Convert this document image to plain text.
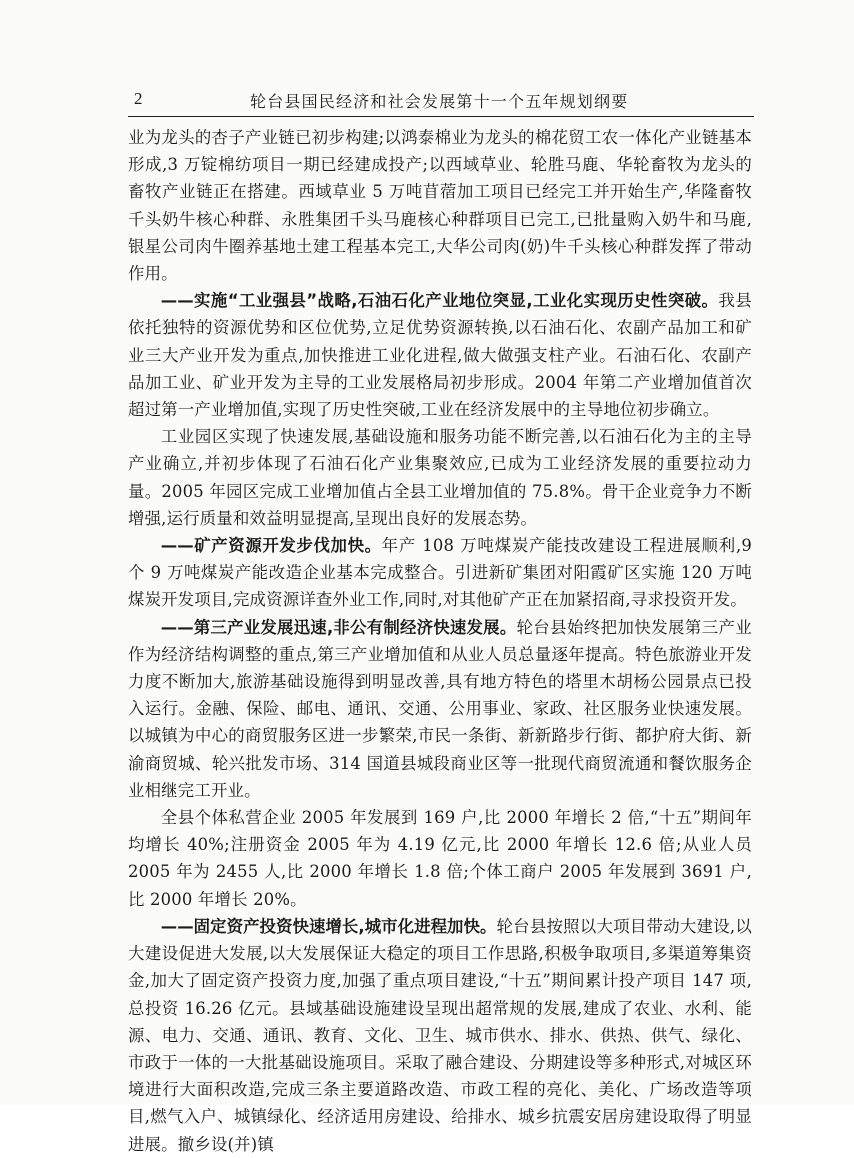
2	轮台县国民经济和社会发展第十一个五年规划纲要

业为龙头的杏子产业链已初步构建;以鸿泰棉业为龙头的棉花贸工农一体化产业链基本形成,3 万锭棉纺项目一期已经建成投产;以西域草业、轮胜马鹿、华轮畜牧为龙头的畜牧产业链正在搭建。西域草业 5 万吨苜蓿加工项目已经完工并开始生产,华隆畜牧千头奶牛核心种群、永胜集团千头马鹿核心种群项目已完工,已批量购入奶牛和马鹿,银星公司肉牛圈养基地土建工程基本完工,大华公司肉(奶)牛千头核心种群发挥了带动作用。

——实施“工业强县”战略,石油石化产业地位突显,工业化实现历史性突破。我县依托独特的资源优势和区位优势,立足优势资源转换,以石油石化、农副产品加工和矿业三大产业开发为重点,加快推进工业化进程,做大做强支柱产业。石油石化、农副产品加工业、矿业开发为主导的工业发展格局初步形成。2004 年第二产业增加值首次超过第一产业增加值,实现了历史性突破,工业在经济发展中的主导地位初步确立。

工业园区实现了快速发展,基础设施和服务功能不断完善,以石油石化为主的主导产业确立,并初步体现了石油石化产业集聚效应,已成为工业经济发展的重要拉动力量。2005 年园区完成工业增加值占全县工业增加值的 75.8%。骨干企业竞争力不断增强,运行质量和效益明显提高,呈现出良好的发展态势。

——矿产资源开发步伐加快。年产 108 万吨煤炭产能技改建设工程进展顺利,9 个 9 万吨煤炭产能改造企业基本完成整合。引进新矿集团对阳霞矿区实施 120 万吨煤炭开发项目,完成资源详查外业工作,同时,对其他矿产正在加紧招商,寻求投资开发。

——第三产业发展迅速,非公有制经济快速发展。轮台县始终把加快发展第三产业作为经济结构调整的重点,第三产业增加值和从业人员总量逐年提高。特色旅游业开发力度不断加大,旅游基础设施得到明显改善,具有地方特色的塔里木胡杨公园景点已投入运行。金融、保险、邮电、通讯、交通、公用事业、家政、社区服务业快速发展。以城镇为中心的商贸服务区进一步繁荣,市民一条街、新新路步行街、都护府大街、新渝商贸城、轮兴批发市场、314 国道县城段商业区等一批现代商贸流通和餐饮服务企业相继完工开业。

全县个体私营企业 2005 年发展到 169 户,比 2000 年增长 2 倍,“十五”期间年均增长 40%;注册资金 2005 年为 4.19 亿元,比 2000 年增长 12.6 倍;从业人员 2005 年为 2455 人,比 2000 年增长 1.8 倍;个体工商户 2005 年发展到 3691 户,比 2000 年增长 20%。

——固定资产投资快速增长,城市化进程加快。轮台县按照以大项目带动大建设,以大建设促进大发展,以大发展保证大稳定的项目工作思路,积极争取项目,多渠道筹集资金,加大了固定资产投资力度,加强了重点项目建设,“十五”期间累计投产项目 147 项,总投资 16.26 亿元。县域基础设施建设呈现出超常规的发展,建成了农业、水利、能源、电力、交通、通讯、教育、文化、卫生、城市供水、排水、供热、供气、绿化、市政于一体的一大批基础设施项目。采取了融合建设、分期建设等多种形式,对城区环境进行大面积改造,完成三条主要道路改造、市政工程的亮化、美化、广场改造等项目,燃气入户、城镇绿化、经济适用房建设、给排水、城乡抗震安居房建设取得了明显进展。撤乡设(并)镇
